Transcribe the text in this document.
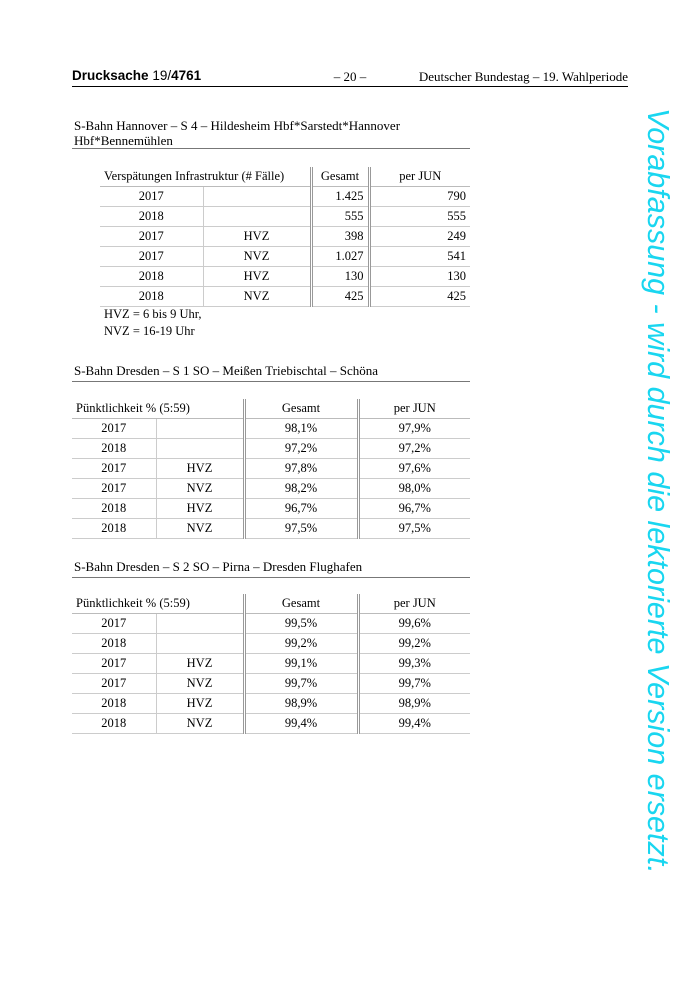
Drucksache 19/4761	– 20 –	Deutscher Bundestag – 19. Wahlperiode
S-Bahn Hannover – S 4 – Hildesheim Hbf*Sarstedt*Hannover
Hbf*Bennemühlen
Verspätungen Infrastruktur (# Fälle)		Gesamt	per JUN
2017		1.425	790
2018		555	555
2017	HVZ	398	249
2017	NVZ	1.027	541
2018	HVZ	130	130
2018	NVZ	425	425
HVZ = 6 bis 9 Uhr,
NVZ = 16-19 Uhr
S-Bahn Dresden – S 1 SO – Meißen Triebischtal – Schöna
Pünktlichkeit % (5:59)		Gesamt	per JUN
2017		98,1%	97,9%
2018		97,2%	97,2%
2017	HVZ	97,8%	97,6%
2017	NVZ	98,2%	98,0%
2018	HVZ	96,7%	96,7%
2018	NVZ	97,5%	97,5%
S-Bahn Dresden – S 2 SO – Pirna – Dresden Flughafen
Pünktlichkeit % (5:59)		Gesamt	per JUN
2017		99,5%	99,6%
2018		99,2%	99,2%
2017	HVZ	99,1%	99,3%
2017	NVZ	99,7%	99,7%
2018	HVZ	98,9%	98,9%
2018	NVZ	99,4%	99,4%	Vorabfassung - wird durch die lektorierte Version ersetzt.
